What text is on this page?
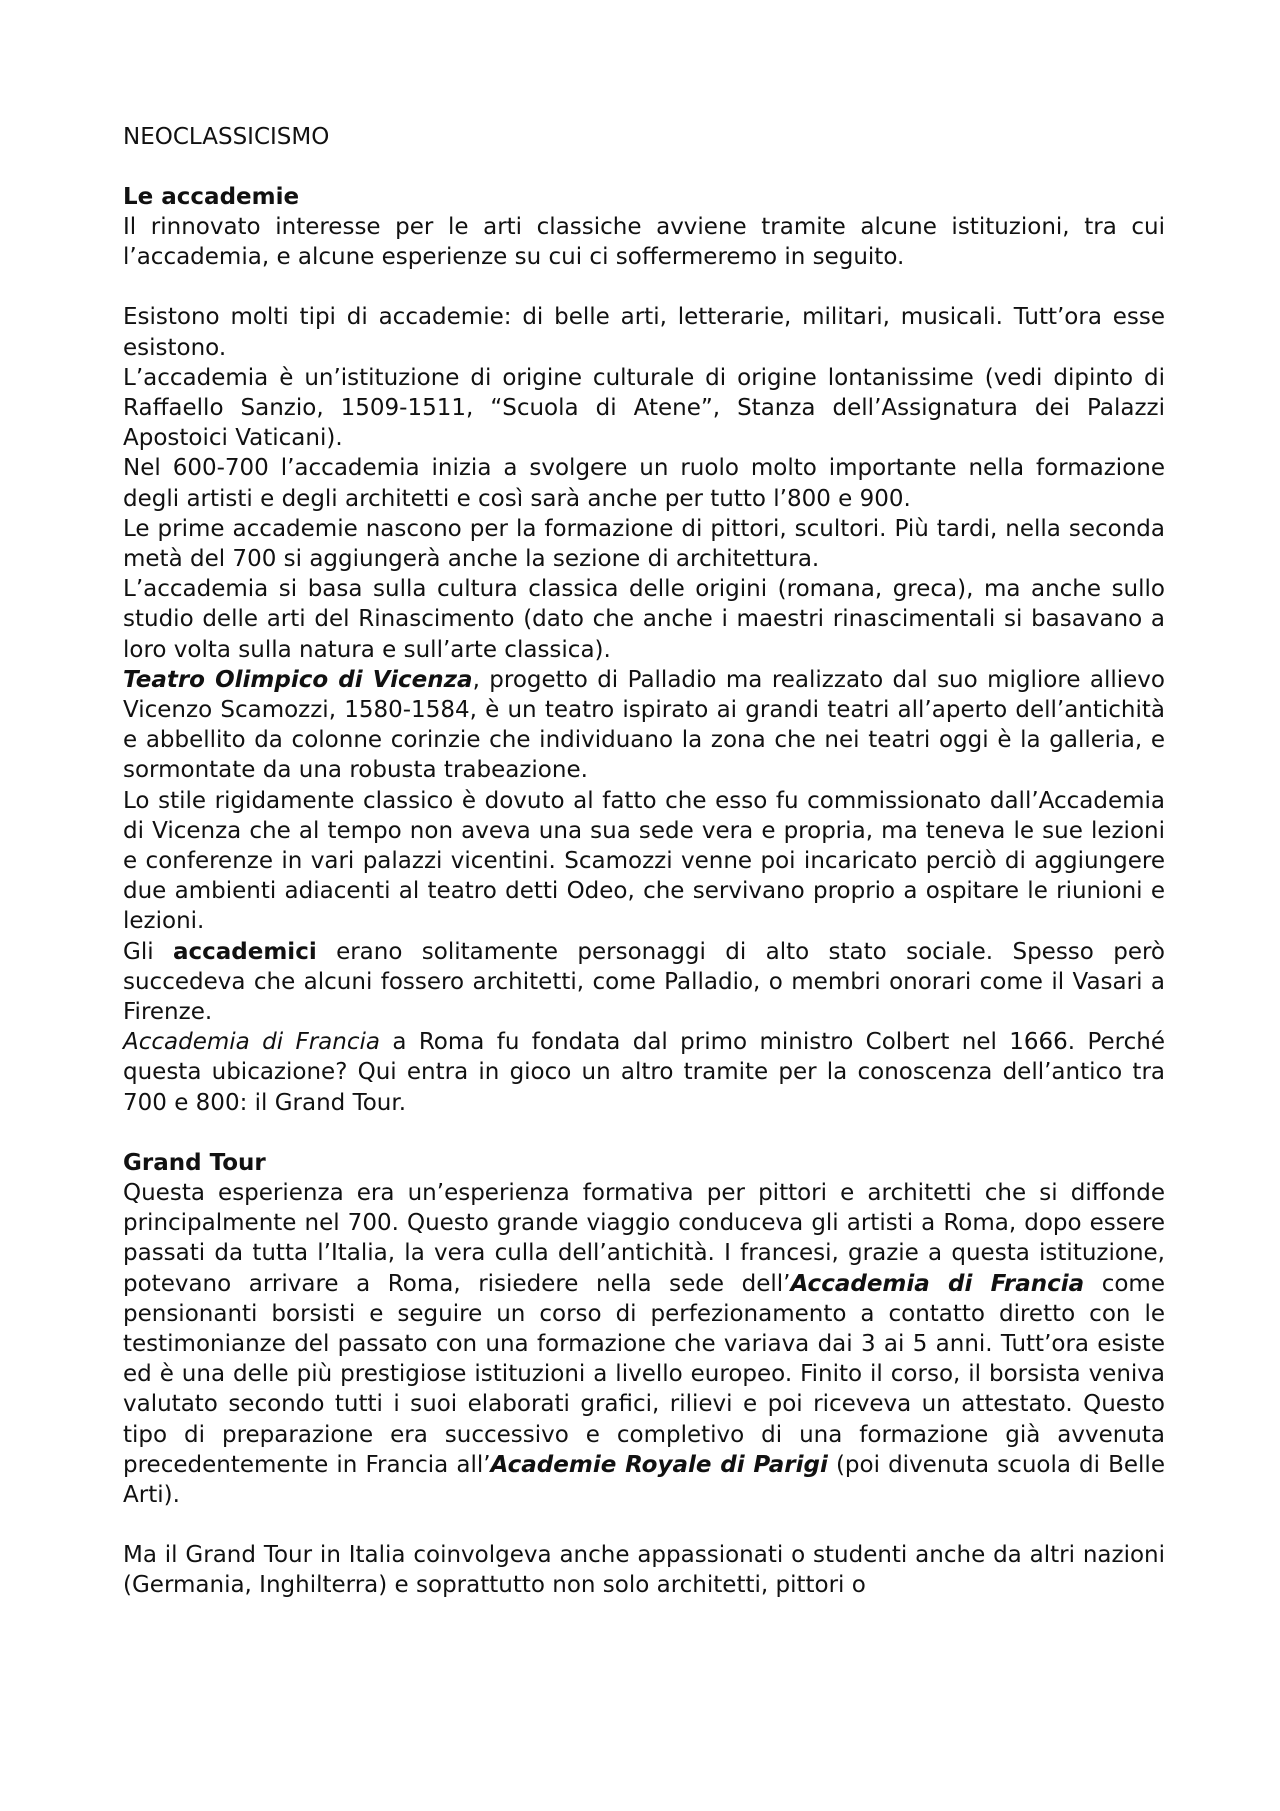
NEOCLASSICISMO

Le accademie

Il rinnovato interesse per le arti classiche avviene tramite alcune istituzioni, tra cui l’accademia, e alcune esperienze su cui ci soffermeremo in seguito.

Esistono molti tipi di accademie: di belle arti, letterarie, militari, musicali. Tutt’ora esse esistono.

L’accademia è un’istituzione di origine culturale di origine lontanissime (vedi dipinto di Raffaello Sanzio, 1509-1511, “Scuola di Atene”, Stanza dell’Assignatura dei Palazzi Apostoici Vaticani).

Nel 600-700 l’accademia inizia a svolgere un ruolo molto importante nella formazione degli artisti e degli architetti e così sarà anche per tutto l’800 e 900.

Le prime accademie nascono per la formazione di pittori, scultori. Più tardi, nella seconda metà del 700 si aggiungerà anche la sezione di architettura.

L’accademia si basa sulla cultura classica delle origini (romana, greca), ma anche sullo studio delle arti del Rinascimento (dato che anche i maestri rinascimentali si basavano a loro volta sulla natura e sull’arte classica).

Teatro Olimpico di Vicenza, progetto di Palladio ma realizzato dal suo migliore allievo Vicenzo Scamozzi, 1580-1584, è un teatro ispirato ai grandi teatri all’aperto dell’antichità e abbellito da colonne corinzie che individuano la zona che nei teatri oggi è la galleria, e sormontate da una robusta trabeazione.

Lo stile rigidamente classico è dovuto al fatto che esso fu commissionato dall’Accademia di Vicenza che al tempo non aveva una sua sede vera e propria, ma teneva le sue lezioni e conferenze in vari palazzi vicentini. Scamozzi venne poi incaricato perciò di aggiungere due ambienti adiacenti al teatro detti Odeo, che servivano proprio a ospitare le riunioni e lezioni.

Gli accademici erano solitamente personaggi di alto stato sociale. Spesso però succedeva che alcuni fossero architetti, come Palladio, o membri onorari come il Vasari a Firenze.

Accademia di Francia a Roma fu fondata dal primo ministro Colbert nel 1666. Perché questa ubicazione? Qui entra in gioco un altro tramite per la conoscenza dell’antico tra 700 e 800: il Grand Tour.

Grand Tour

Questa esperienza era un’esperienza formativa per pittori e architetti che si diffonde principalmente nel 700. Questo grande viaggio conduceva gli artisti a Roma, dopo essere passati da tutta l’Italia, la vera culla dell’antichità. I francesi, grazie a questa istituzione, potevano arrivare a Roma, risiedere nella sede dell’Accademia di Francia come pensionanti borsisti e seguire un corso di perfezionamento a contatto diretto con le testimonianze del passato con una formazione che variava dai 3 ai 5 anni. Tutt’ora esiste ed è una delle più prestigiose istituzioni a livello europeo. Finito il corso, il borsista veniva valutato secondo tutti i suoi elaborati grafici, rilievi e poi riceveva un attestato. Questo tipo di preparazione era successivo e completivo di una formazione già avvenuta precedentemente in Francia all’Academie Royale di Parigi (poi divenuta scuola di Belle Arti).

Ma il Grand Tour in Italia coinvolgeva anche appassionati o studenti anche da altri nazioni (Germania, Inghilterra) e soprattutto non solo architetti, pittori o
